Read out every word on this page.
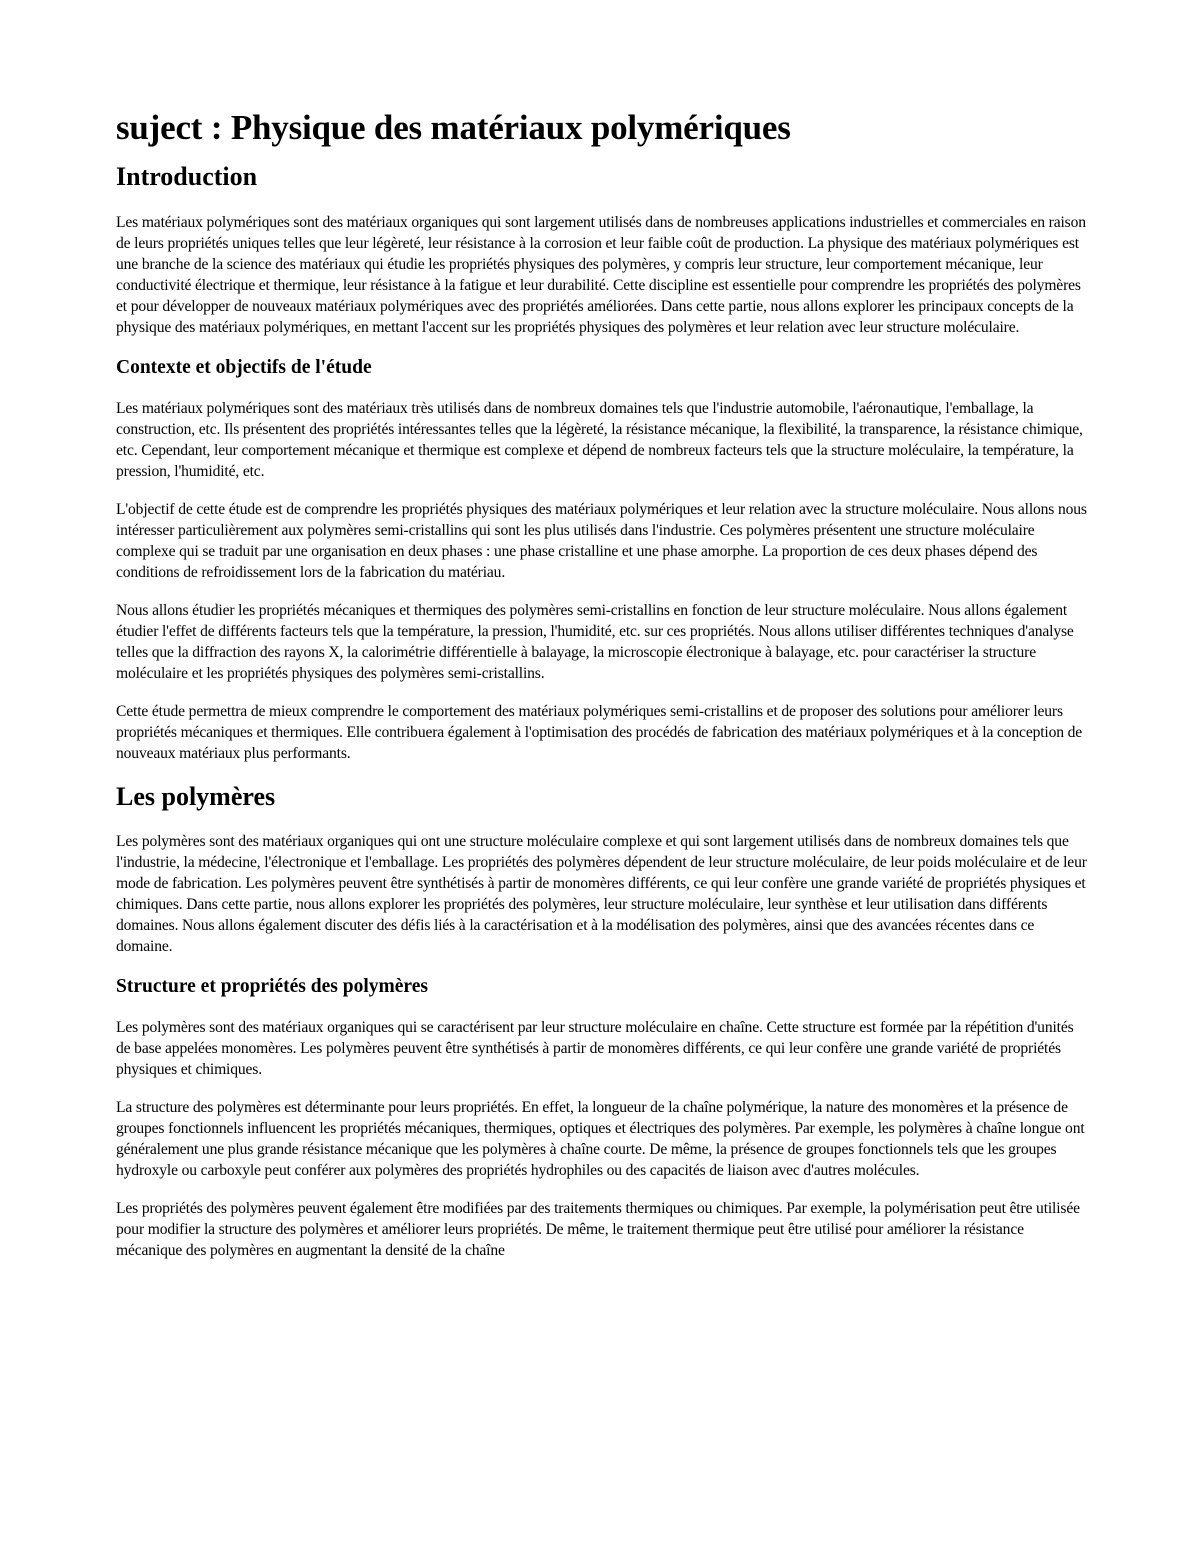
suject : Physique des matériaux polymériques
Introduction

Les matériaux polymériques sont des matériaux organiques qui sont largement utilisés dans de nombreuses applications industrielles et commerciales en raison de leurs propriétés uniques telles que leur légèreté, leur résistance à la corrosion et leur faible coût de production. La physique des matériaux polymériques est une branche de la science des matériaux qui étudie les propriétés physiques des polymères, y compris leur structure, leur comportement mécanique, leur conductivité électrique et thermique, leur résistance à la fatigue et leur durabilité. Cette discipline est essentielle pour comprendre les propriétés des polymères et pour développer de nouveaux matériaux polymériques avec des propriétés améliorées. Dans cette partie, nous allons explorer les principaux concepts de la physique des matériaux polymériques, en mettant l'accent sur les propriétés physiques des polymères et leur relation avec leur structure moléculaire.

Contexte et objectifs de l'étude

Les matériaux polymériques sont des matériaux très utilisés dans de nombreux domaines tels que l'industrie automobile, l'aéronautique, l'emballage, la construction, etc. Ils présentent des propriétés intéressantes telles que la légèreté, la résistance mécanique, la flexibilité, la transparence, la résistance chimique, etc. Cependant, leur comportement mécanique et thermique est complexe et dépend de nombreux facteurs tels que la structure moléculaire, la température, la pression, l'humidité, etc.

L'objectif de cette étude est de comprendre les propriétés physiques des matériaux polymériques et leur relation avec la structure moléculaire. Nous allons nous intéresser particulièrement aux polymères semi-cristallins qui sont les plus utilisés dans l'industrie. Ces polymères présentent une structure moléculaire complexe qui se traduit par une organisation en deux phases : une phase cristalline et une phase amorphe. La proportion de ces deux phases dépend des conditions de refroidissement lors de la fabrication du matériau.

Nous allons étudier les propriétés mécaniques et thermiques des polymères semi-cristallins en fonction de leur structure moléculaire. Nous allons également étudier l'effet de différents facteurs tels que la température, la pression, l'humidité, etc. sur ces propriétés. Nous allons utiliser différentes techniques d'analyse telles que la diffraction des rayons X, la calorimétrie différentielle à balayage, la microscopie électronique à balayage, etc. pour caractériser la structure moléculaire et les propriétés physiques des polymères semi-cristallins.

Cette étude permettra de mieux comprendre le comportement des matériaux polymériques semi-cristallins et de proposer des solutions pour améliorer leurs propriétés mécaniques et thermiques. Elle contribuera également à l'optimisation des procédés de fabrication des matériaux polymériques et à la conception de nouveaux matériaux plus performants.

Les polymères

Les polymères sont des matériaux organiques qui ont une structure moléculaire complexe et qui sont largement utilisés dans de nombreux domaines tels que l'industrie, la médecine, l'électronique et l'emballage. Les propriétés des polymères dépendent de leur structure moléculaire, de leur poids moléculaire et de leur mode de fabrication. Les polymères peuvent être synthétisés à partir de monomères différents, ce qui leur confère une grande variété de propriétés physiques et chimiques. Dans cette partie, nous allons explorer les propriétés des polymères, leur structure moléculaire, leur synthèse et leur utilisation dans différents domaines. Nous allons également discuter des défis liés à la caractérisation et à la modélisation des polymères, ainsi que des avancées récentes dans ce domaine.

Structure et propriétés des polymères

Les polymères sont des matériaux organiques qui se caractérisent par leur structure moléculaire en chaîne. Cette structure est formée par la répétition d'unités de base appelées monomères. Les polymères peuvent être synthétisés à partir de monomères différents, ce qui leur confère une grande variété de propriétés physiques et chimiques.

La structure des polymères est déterminante pour leurs propriétés. En effet, la longueur de la chaîne polymérique, la nature des monomères et la présence de groupes fonctionnels influencent les propriétés mécaniques, thermiques, optiques et électriques des polymères. Par exemple, les polymères à chaîne longue ont généralement une plus grande résistance mécanique que les polymères à chaîne courte. De même, la présence de groupes fonctionnels tels que les groupes hydroxyle ou carboxyle peut conférer aux polymères des propriétés hydrophiles ou des capacités de liaison avec d'autres molécules.

Les propriétés des polymères peuvent également être modifiées par des traitements thermiques ou chimiques. Par exemple, la polymérisation peut être utilisée pour modifier la structure des polymères et améliorer leurs propriétés. De même, le traitement thermique peut être utilisé pour améliorer la résistance mécanique des polymères en augmentant la densité de la chaîne
